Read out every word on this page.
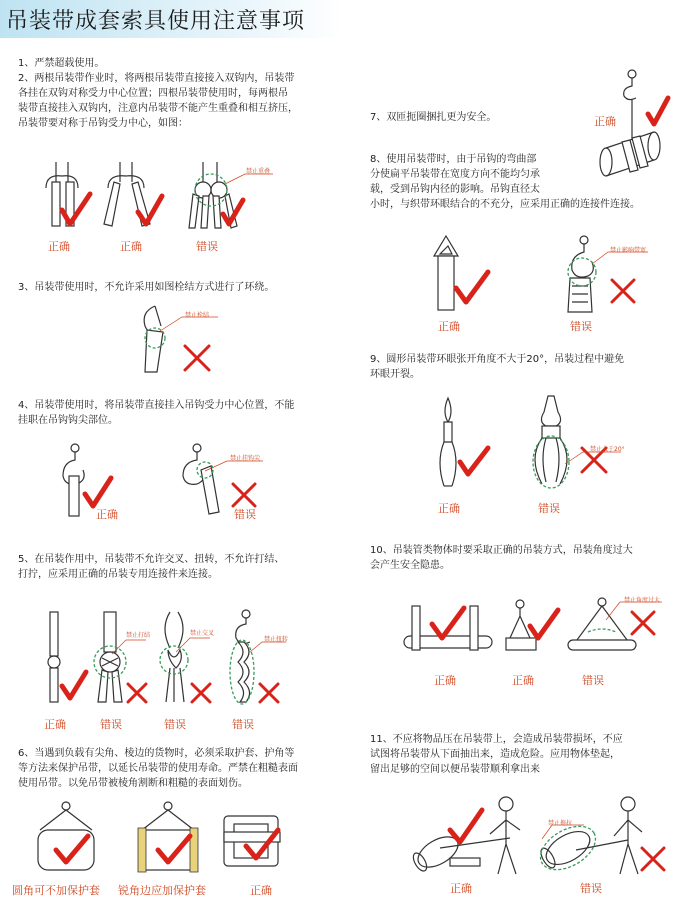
吊装带成套索具使用注意事项
1、严禁超载使用。
2、两根吊装带作业时，将两根吊装带直接接入双钩内，吊装带
各挂在双钩对称受力中心位置；四根吊装带使用时，每两根吊
装带直接挂入双钩内，注意内吊装带不能产生重叠和相互挤压，
吊装带要对称于吊钩受力中心，如图：
禁止重叠
正确	正确	错误
3、吊装带使用时，不允许采用如图栓结方式进行了环绕。
禁止栓结
4、吊装带使用时，将吊装带直接挂入吊钩受力中心位置，不能
挂职在吊钩钩尖部位。
禁止挂钩尖
正确	错误
5、在吊装作用中，吊装带不允许交叉、扭转，不允许打结、
打拧，应采用正确的吊装专用连接件来连接。
禁止打结	禁止交叉
禁止扭转
正确	错误	错误	错误
6、当遇到负载有尖角、棱边的货物时，必须采取护套、护角等
等方法来保护吊带，以延长吊装带的使用寿命。严禁在粗糙表面
使用吊带。以免吊带被棱角割断和粗糙的表面划伤。
圆角可不加保护套 锐角边应加保护套	正确
7、双匝扼圈捆扎更为安全。	正确
8、使用吊装带时，由于吊钩的弯曲部
分使扁平吊装带在宽度方向不能均匀承
载，受到吊钩内径的影响。吊钩直径太
小时，与织带环眼结合的不充分，应采用正确的连接件连接。
禁止影响带宽
正确	错误
9、圆形吊装带环眼张开角度不大于20°，吊装过程中避免
环眼开裂。
禁止大于20°
正确	错误
10、吊装管类物体时要采取正确的吊装方式，吊装角度过大
会产生安全隐患。
禁止角度过大
正确	正确	错误
11、不应将物品压在吊装带上，会造成吊装带损坏，不应
试图将吊装带从下面抽出来，造成危险。应用物体垫起，
留出足够的空间以便吊装带顺利拿出来
禁止拖拉
正确	错误
